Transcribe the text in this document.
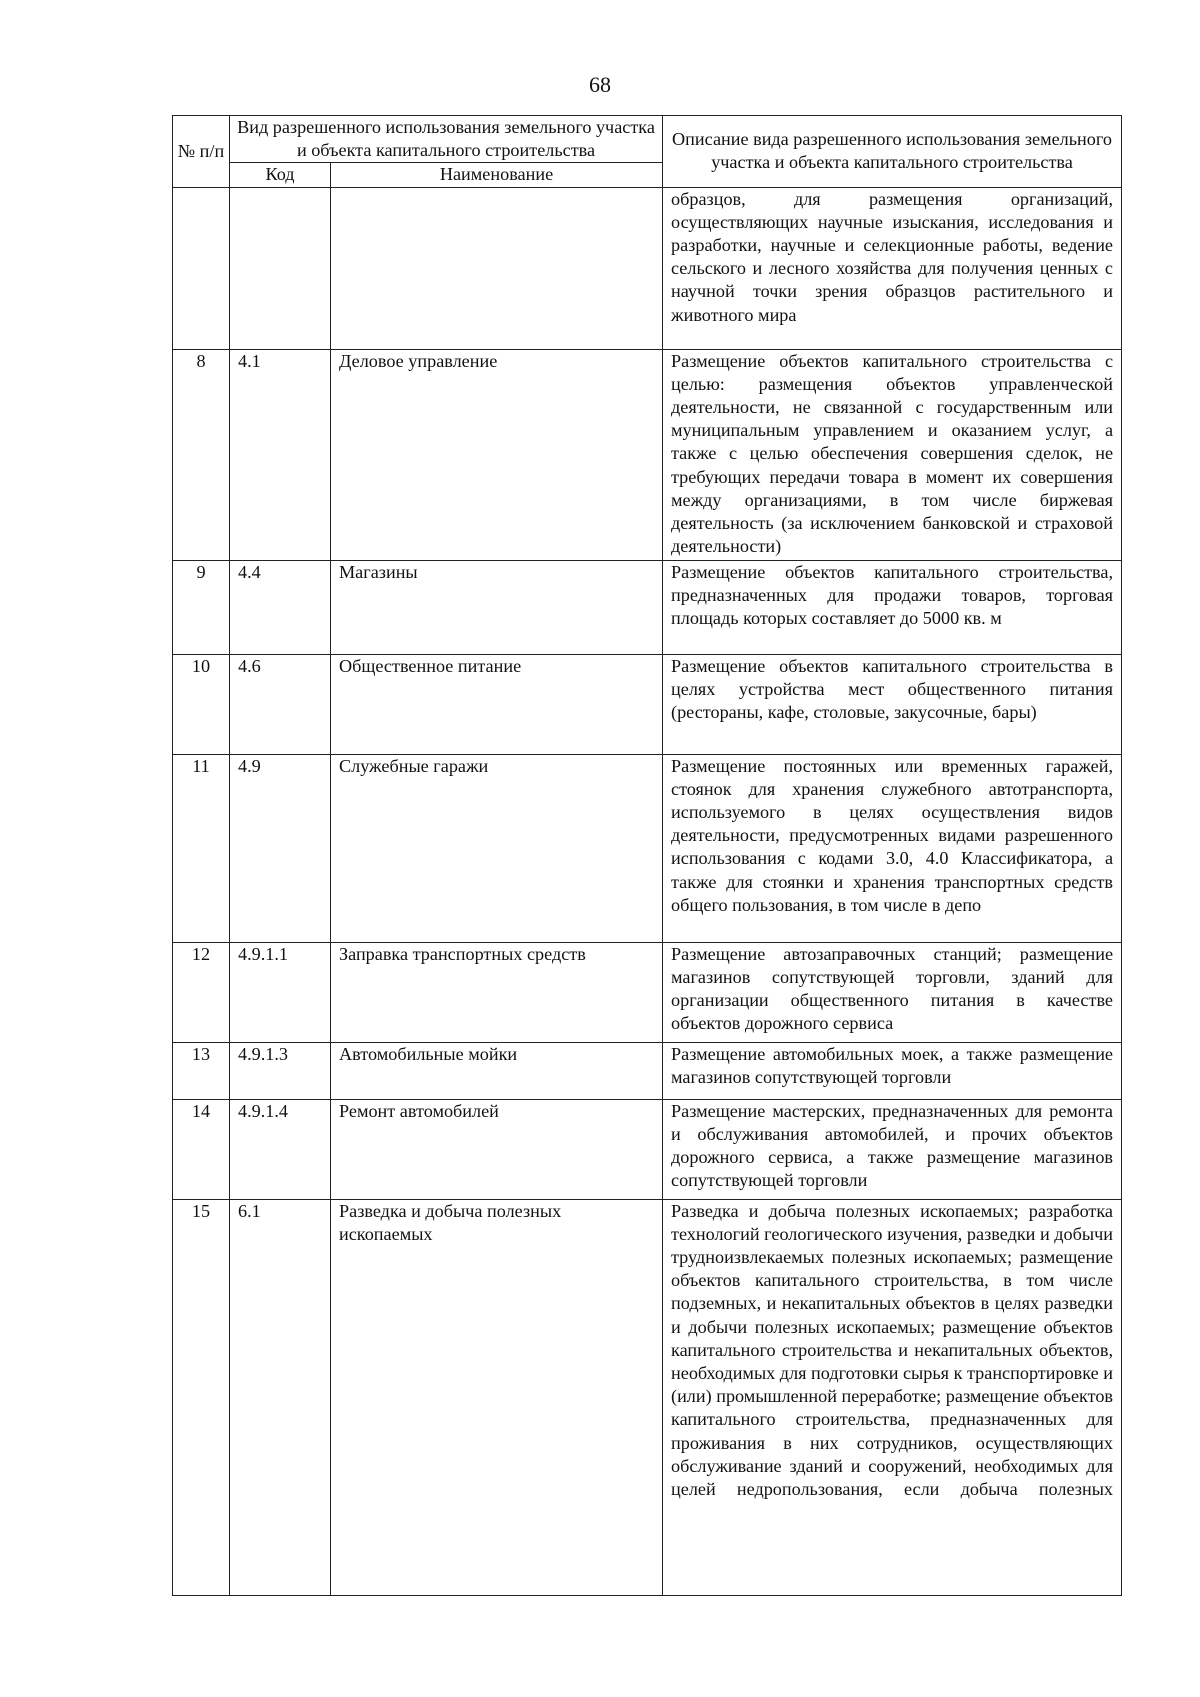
68
№ п/п	Вид разрешенного использования земельного участка и объекта капитального строительства		Описание вида разрешенного использования земельного участка и объекта капитального строительства
	Код	Наименование	
			образцов, для размещения организаций, осуществляющих научные изыскания, исследования и разработки, научные и селекционные работы, ведение сельского и лесного хозяйства для получения ценных с научной точки зрения образцов растительного и животного мира
8	4.1	Деловое управление	Размещение объектов капитального строительства с целью: размещения объектов управленческой деятельности, не связанной с государственным или муниципальным управлением и оказанием услуг, а также с целью обеспечения совершения сделок, не требующих передачи товара в момент их совершения между организациями, в том числе биржевая деятельность (за исключением банковской и страховой деятельности)
9	4.4	Магазины	Размещение объектов капитального строительства, предназначенных для продажи товаров, торговая площадь которых составляет до 5000 кв. м
10	4.6	Общественное питание	Размещение объектов капитального строительства в целях устройства мест общественного питания (рестораны, кафе, столовые, закусочные, бары)
11	4.9	Служебные гаражи	Размещение постоянных или временных гаражей, стоянок для хранения служебного автотранспорта, используемого в целях осуществления видов деятельности, предусмотренных видами разрешенного использования с кодами 3.0, 4.0 Классификатора, а также для стоянки и хранения транспортных средств общего пользования, в том числе в депо
12	4.9.1.1	Заправка транспортных средств	Размещение автозаправочных станций; размещение магазинов сопутствующей торговли, зданий для организации общественного питания в качестве объектов дорожного сервиса
13	4.9.1.3	Автомобильные мойки	Размещение автомобильных моек, а также размещение магазинов сопутствующей торговли
14	4.9.1.4	Ремонт автомобилей	Размещение мастерских, предназначенных для ремонта и обслуживания автомобилей, и прочих объектов дорожного сервиса, а также размещение магазинов сопутствующей торговли
15	6.1	Разведка и добыча полезных ископаемых	Разведка и добыча полезных ископаемых; разработка технологий геологического изучения, разведки и добычи трудноизвлекаемых полезных ископаемых; размещение объектов капитального строительства, в том числе подземных, и некапитальных объектов в целях разведки и добычи полезных ископаемых; размещение объектов капитального строительства и некапитальных объектов, необходимых для подготовки сырья к транспортировке и (или) промышленной переработке; размещение объектов капитального строительства, предназначенных для проживания в них сотрудников, осуществляющих обслуживание зданий и сооружений, необходимых для целей недропользования, если добыча полезных
